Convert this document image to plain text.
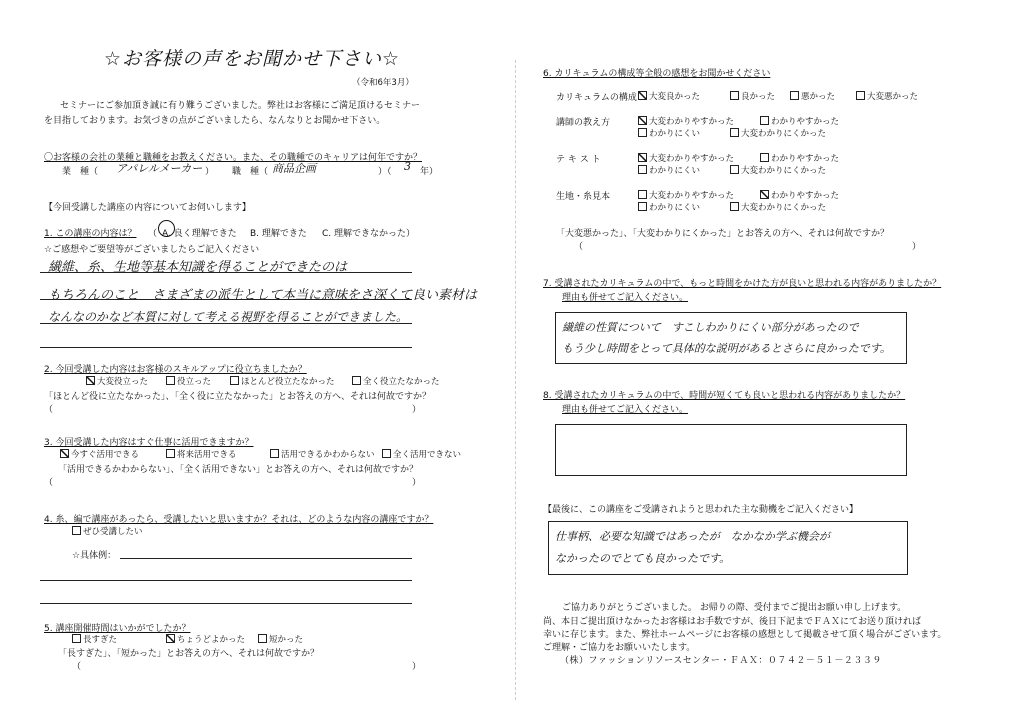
☆お客様の声をお聞かせ下さい☆
（令和6年3月）
セミナーにご参加頂き誠に有り難うございました。弊社はお客様にご満足頂けるセミナー
を目指しております。お気づきの点がございましたら、なんなりとお聞かせ下さい。
〇お客様の会社の業種と職種をお教えください。また、その職種でのキャリアは何年ですか？
業　種（ アパレルメーカー ） 職　種（ 商品企画	）（ 3 年）
【今回受講した講座の内容についてお伺いします】
1. この講座の内容は？ （ A. 良く理解できた B. 理解できた C. 理解できなかった）
☆ご感想やご要望等がございましたらご記入ください
繊維、糸、生地等基本知識を得ることができたのは
もちろんのこと　さまざまの派生として本当に意味をさ深くて良い素材は
なんなのかなど本質に対して考える視野を得ることができました。
2. 今回受講した内容はお客様のスキルアップに役立ちましたか？
大変役立った	役立った	ほとんど役立たなかった	全く役立たなかった
「ほとんど役に立たなかった」、「全く役に立たなかった」とお答えの方へ、それは何故ですか？
（	）
3. 今回受講した内容はすぐ仕事に活用できますか？
今すぐ活用できる	将来活用できる	活用できるかわからない	全く活用できない
「活用できるかわからない」、「全く活用できない」とお答えの方へ、それは何故ですか？
（	）
4. 糸、編で講座があったら、受講したいと思いますか？それは、どのような内容の講座ですか？
ぜひ受講したい
☆具体例：
5. 講座開催時間はいかがでしたか？
長すぎた	ちょうどよかった	短かった
「長すぎた」、「短かった」とお答えの方へ、それは何故ですか？
（	）
6. カリキュラムの構成等全般の感想をお聞かせください
カリキュラムの構成	大変良かった	良かった	悪かった	大変悪かった
講師の教え方	大変わかりやすかった	わかりやすかった
わかりにくい	大変わかりにくかった
テ キ ス ト	大変わかりやすかった	わかりやすかった
わかりにくい	大変わかりにくかった
生地・糸見本	大変わかりやすかった	わかりやすかった
わかりにくい	大変わかりにくかった
「大変悪かった」、「大変わかりにくかった」とお答えの方へ、それは何故ですか？
（	）
7. 受講されたカリキュラムの中で、もっと時間をかけた方が良いと思われる内容がありましたか？
理由も併せてご記入ください。
繊維の性質について　すこしわかりにくい部分があったので
もう少し時間をとって具体的な説明があるとさらに良かったです。
8. 受講されたカリキュラムの中で、時間が短くても良いと思われる内容がありましたか？
理由も併せてご記入ください。
【最後に、この講座をご受講されようと思われた主な動機をご記入ください】
仕事柄、必要な知識ではあったが　なかなか学ぶ機会が
なかったのでとても良かったです。
ご協力ありがとうございました。 お帰りの際、受付までご提出お願い申し上げます。
尚、本日ご提出頂けなかったお客様はお手数ですが、後日下記までＦＡＸにてお送り頂ければ
幸いに存じます。また、弊社ホームページにお客様の感想として掲載させて頂く場合がございます。
ご理解・ご協力をお願いいたします。
（株）ファッションリソースセンター・ＦＡＸ：０７４２－５１－２３３９
